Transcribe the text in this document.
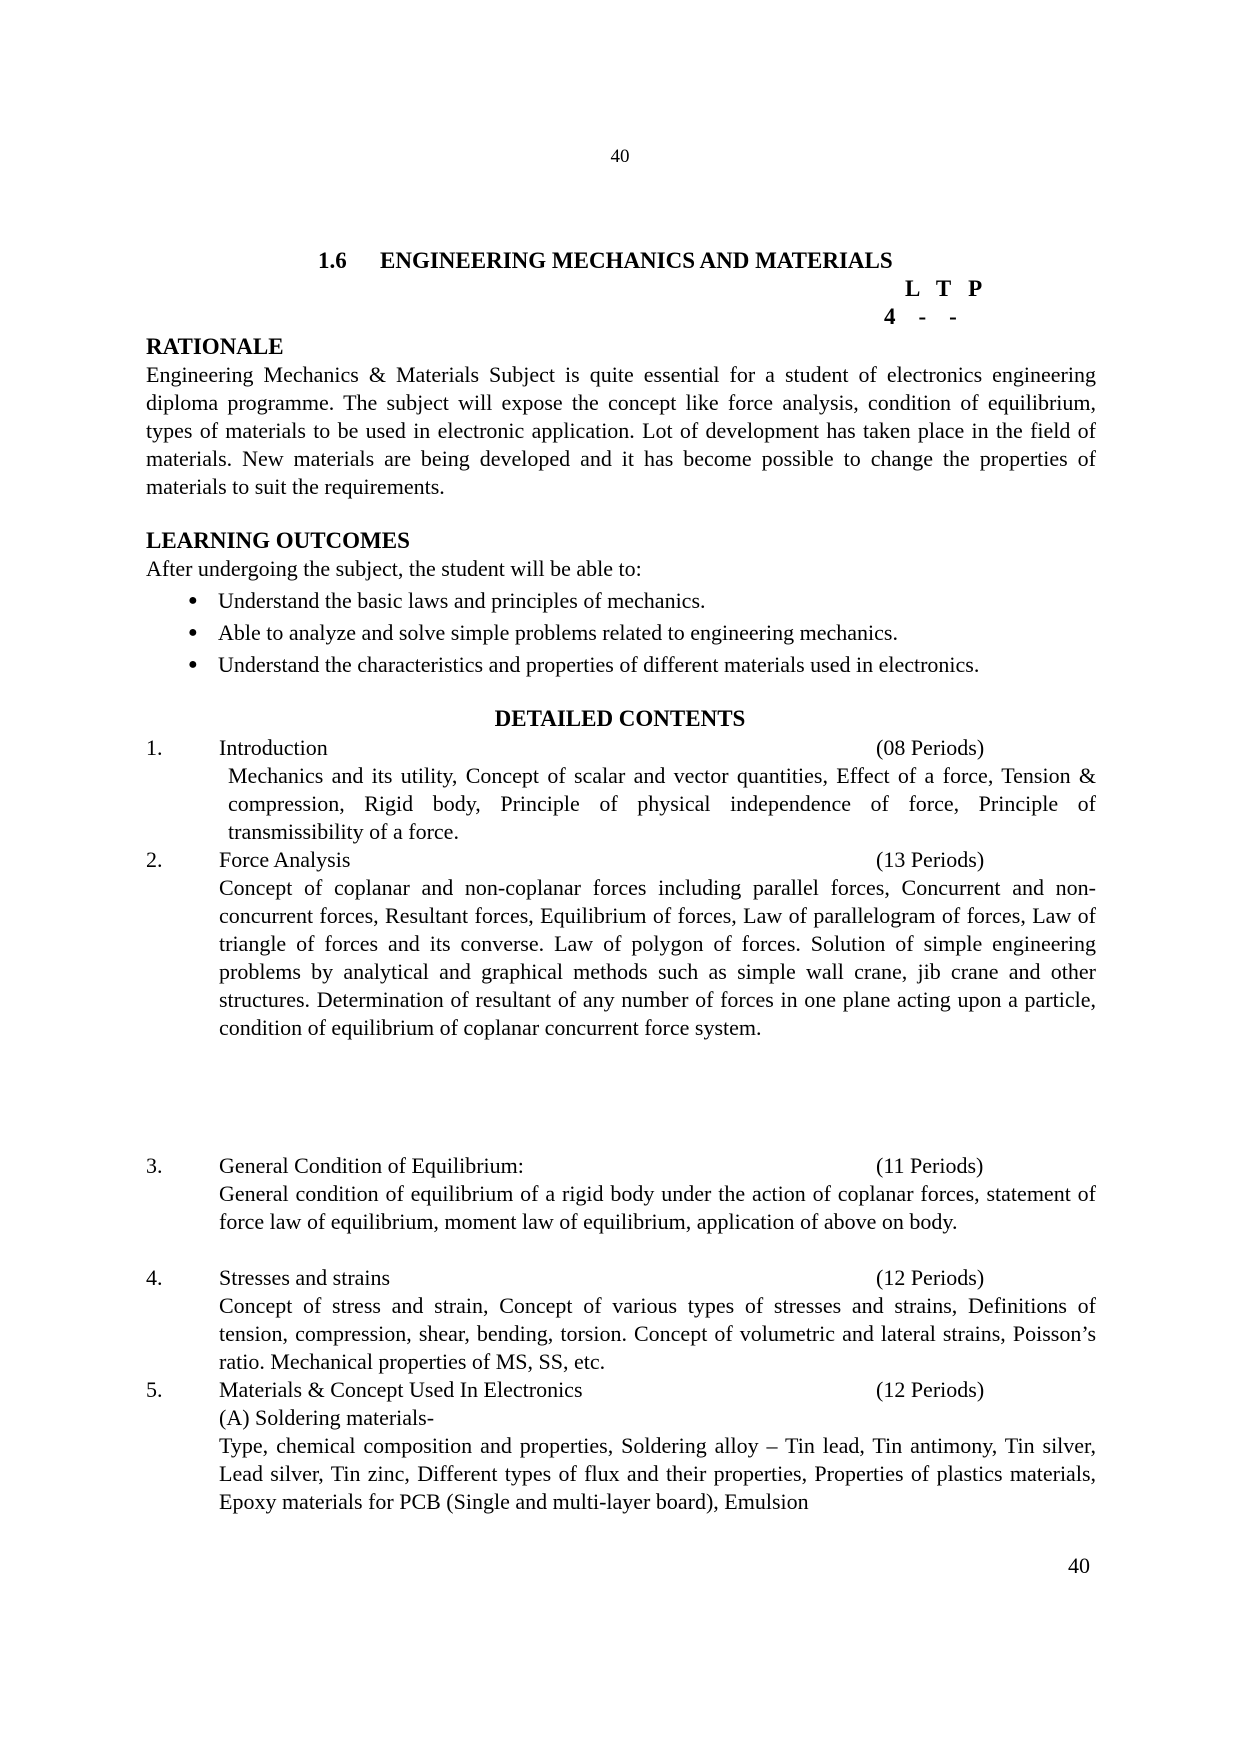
40
1.6 ENGINEERING MECHANICS AND MATERIALS
L   T   P
4    -    -
RATIONALE
Engineering Mechanics & Materials Subject is quite essential for a student of electronics engineering diploma programme. The subject will expose the concept like force analysis, condition of equilibrium, types of materials to be used in electronic application. Lot of development has taken place in the field of materials. New materials are being developed and it has become possible to change the properties of materials to suit the requirements.
LEARNING OUTCOMES
After undergoing the subject, the student will be able to:
● Understand the basic laws and principles of mechanics.
● Able to analyze and solve simple problems related to engineering mechanics.
● Understand the characteristics and properties of different materials used in electronics.
DETAILED CONTENTS
1.	Introduction	(08 Periods)
Mechanics and its utility, Concept of scalar and vector quantities, Effect of a force, Tension & compression, Rigid body, Principle of physical independence of force, Principle of transmissibility of a force.
2.	Force Analysis	(13 Periods)
Concept of coplanar and non-coplanar forces including parallel forces, Concurrent and non-concurrent forces, Resultant forces, Equilibrium of forces, Law of parallelogram of forces, Law of triangle of forces and its converse. Law of polygon of forces. Solution of simple engineering problems by analytical and graphical methods such as simple wall crane, jib crane and other structures. Determination of resultant of any number of forces in one plane acting upon a particle, condition of equilibrium of coplanar concurrent force system.
3.	General Condition of Equilibrium:	(11 Periods)
General condition of equilibrium of a rigid body under the action of coplanar forces, statement of force law of equilibrium, moment law of equilibrium, application of above on body.
4.	Stresses and strains	(12 Periods)
Concept of stress and strain, Concept of various types of stresses and strains, Definitions of tension, compression, shear, bending, torsion. Concept of volumetric and lateral strains, Poisson’s ratio. Mechanical properties of MS, SS, etc.
5.	Materials & Concept Used In Electronics	(12 Periods)
(A) Soldering materials-
Type, chemical composition and properties, Soldering alloy – Tin lead, Tin antimony, Tin silver, Lead silver, Tin zinc, Different types of flux and their properties, Properties of plastics materials, Epoxy materials for PCB (Single and multi-layer board), Emulsion
40
